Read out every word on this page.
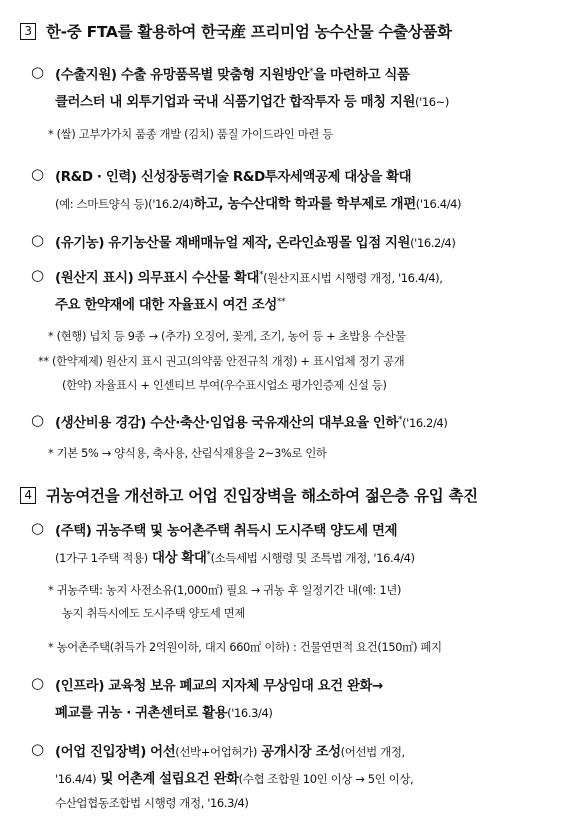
3 한-중 FTA를 활용하여 한국産 프리미엄 농수산물 수출상품화
○ (수출지원) 수출 유망품목별 맞춤형 지원방안*을 마련하고 식품
클러스터 내 외투기업과 국내 식품기업간 합작투자 등 매칭 지원('16~)
* (쌀) 고부가가치 품종 개발 (김치) 품질 가이드라인 마련 등
○ (R&D · 인력) 신성장동력기술 R&D투자세액공제 대상을 확대
(예: 스마트양식 등)('16.2/4)하고, 농수산대학 학과를 학부제로 개편('16.4/4)
○ (유기농) 유기농산물 재배매뉴얼 제작, 온라인쇼핑몰 입점 지원('16.2/4)
○ (원산지 표시) 의무표시 수산물 확대*(원산지표시법 시행령 개정, '16.4/4),
주요 한약재에 대한 자율표시 여건 조성**
* (현행) 넙치 등 9종 → (추가) 오징어, 꽃게, 조기, 농어 등 + 초밥용 수산물
** (한약제제) 원산지 표시 권고(의약품 안전규칙 개정) + 표시업체 정기 공개
(한약) 자율표시 + 인센티브 부여(우수표시업소 평가인증제 신설 등)
○ (생산비용 경감) 수산·축산·임업용 국유재산의 대부요율 인하*('16.2/4)
* 기본 5% → 양식용, 축사용, 산림식재용을 2~3%로 인하
4 귀농여건을 개선하고 어업 진입장벽을 해소하여 젊은층 유입 촉진
○ (주택) 귀농주택 및 농어촌주택 취득시 도시주택 양도세 면제
(1가구 1주택 적용) 대상 확대*(소득세법 시행령 및 조특법 개정, '16.4/4)
* 귀농주택: 농지 사전소유(1,000㎡) 필요 → 귀농 후 일정기간 내(예: 1년)
농지 취득시에도 도시주택 양도세 면제
* 농어촌주택(취득가 2억원이하, 대지 660㎡ 이하) : 건물연면적 요건(150㎡) 폐지
○ (인프라) 교육청 보유 폐교의 지자체 무상임대 요건 완화→
폐교를 귀농 · 귀촌센터로 활용('16.3/4)
○ (어업 진입장벽) 어선(선박+어업허가) 공개시장 조성(어선법 개정,
'16.4/4) 및 어촌계 설립요건 완화(수협 조합원 10인 이상 → 5인 이상,
수산업협동조합법 시행령 개정, '16.3/4)
